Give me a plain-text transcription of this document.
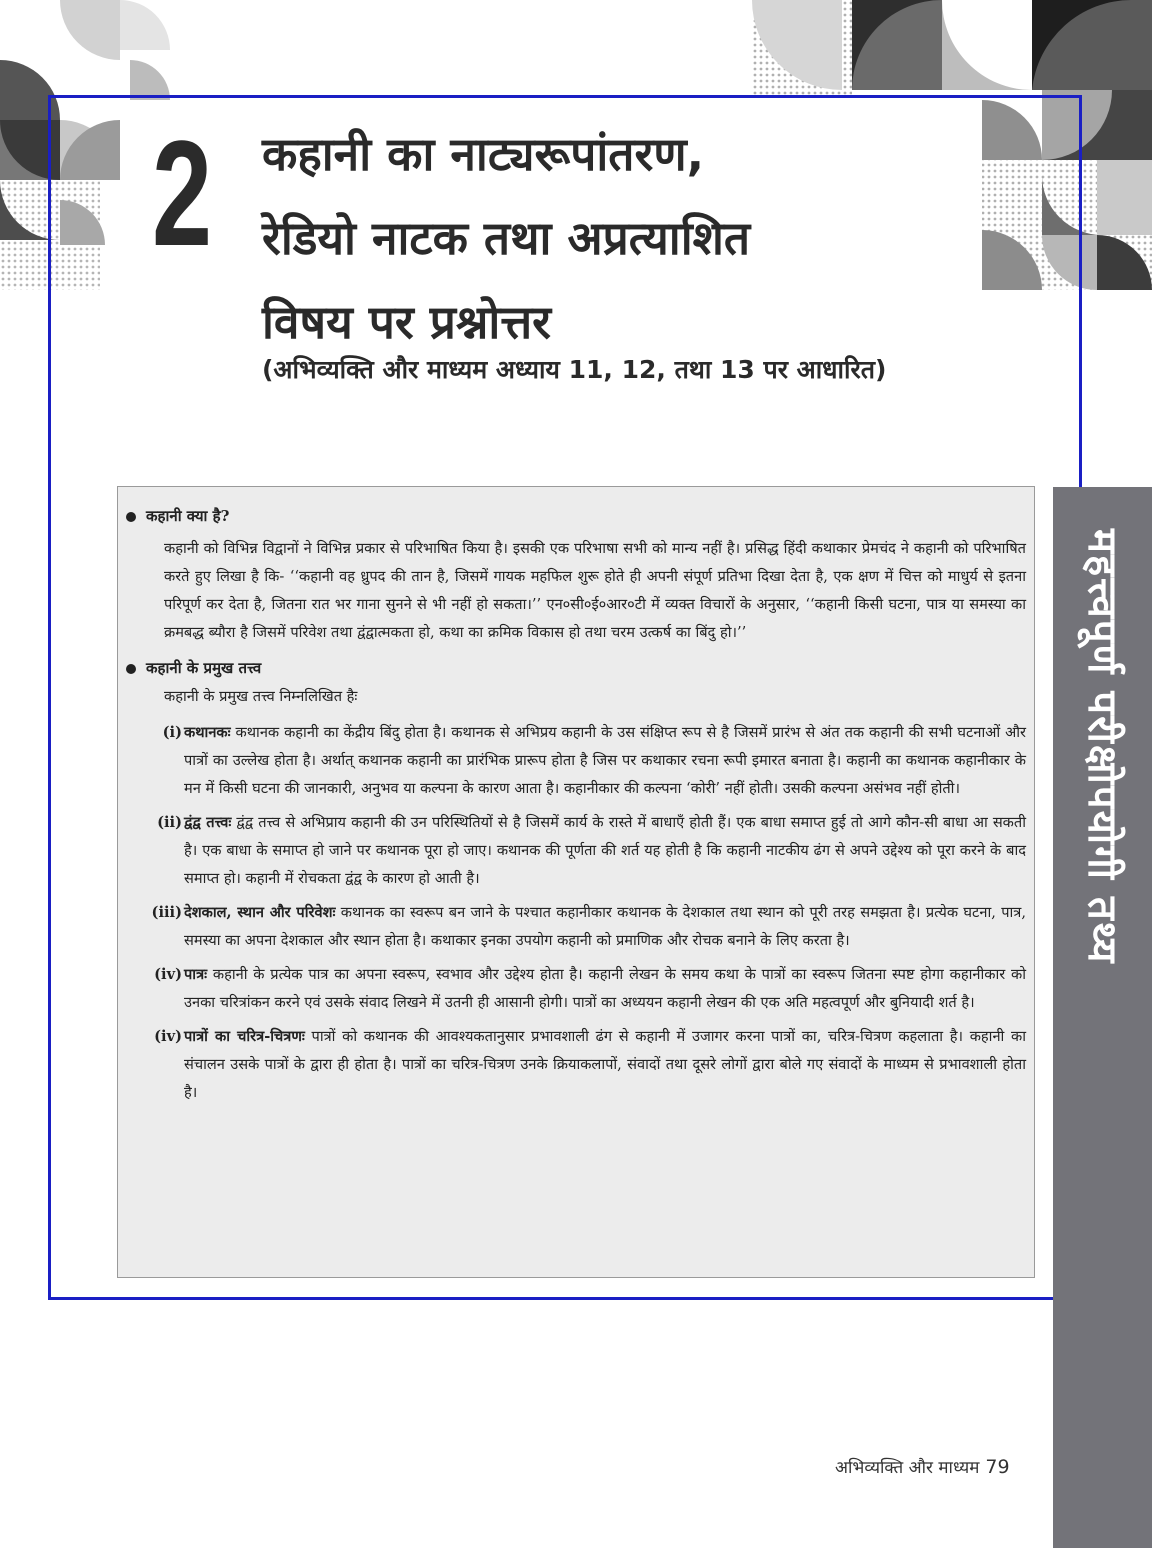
2 कहानी का नाट्यरूपांतरण,
रेडियो नाटक तथा अप्रत्याशित
विषय पर प्रश्नोत्तर

(अभिव्यक्ति और माध्यम अध्याय 11, 12, तथा 13 पर आधारित)

महत्त्वपूर्ण परीक्षोपयोगी तथ्य

कहानी क्या है?

कहानी को विभिन्न विद्वानों ने विभिन्न प्रकार से परिभाषित किया है। इसकी एक परिभाषा सभी को मान्य नहीं है। प्रसिद्ध हिंदी कथाकार प्रेमचंद ने कहानी को परिभाषित करते हुए लिखा है कि- ‘‘कहानी वह ध्रुपद की तान है, जिसमें गायक महफिल शुरू होते ही अपनी संपूर्ण प्रतिभा दिखा देता है, एक क्षण में चित्त को माधुर्य से इतना परिपूर्ण कर देता है, जितना रात भर गाना सुनने से भी नहीं हो सकता।’’ एन०सी०ई०आर०टी में व्यक्त विचारों के अनुसार, ‘‘कहानी किसी घटना, पात्र या समस्या का क्रमबद्ध ब्यौरा है जिसमें परिवेश तथा द्वंद्वात्मकता हो, कथा का क्रमिक विकास हो तथा चरम उत्कर्ष का बिंदु हो।’’

कहानी के प्रमुख तत्त्व

कहानी के प्रमुख तत्त्व निम्नलिखित हैः

(i) कथानकः कथानक कहानी का केंद्रीय बिंदु होता है। कथानक से अभिप्रय कहानी के उस संक्षिप्त रूप से है जिसमें प्रारंभ से अंत तक कहानी की सभी घटनाओं और पात्रों का उल्लेख होता है। अर्थात् कथानक कहानी का प्रारंभिक प्रारूप होता है जिस पर कथाकार रचना रूपी इमारत बनाता है। कहानी का कथानक कहानीकार के मन में किसी घटना की जानकारी, अनुभव या कल्पना के कारण आता है। कहानीकार की कल्पना ‘कोरी’ नहीं होती। उसकी कल्पना असंभव नहीं होती।
(ii) द्वंद्व तत्त्वः द्वंद्व तत्त्व से अभिप्राय कहानी की उन परिस्थितियों से है जिसमें कार्य के रास्ते में बाधाएँ होती हैं। एक बाधा समाप्त हुई तो आगे कौन-सी बाधा आ सकती है। एक बाधा के समाप्त हो जाने पर कथानक पूरा हो जाए। कथानक की पूर्णता की शर्त यह होती है कि कहानी नाटकीय ढंग से अपने उद्देश्य को पूरा करने के बाद समाप्त हो। कहानी में रोचकता द्वंद्व के कारण हो आती है।
(iii) देशकाल, स्थान और परिवेशः कथानक का स्वरूप बन जाने के पश्चात कहानीकार कथानक के देशकाल तथा स्थान को पूरी तरह समझता है। प्रत्येक घटना, पात्र, समस्या का अपना देशकाल और स्थान होता है। कथाकार इनका उपयोग कहानी को प्रमाणिक और रोचक बनाने के लिए करता है।
(iv) पात्रः कहानी के प्रत्येक पात्र का अपना स्वरूप, स्वभाव और उद्देश्य होता है। कहानी लेखन के समय कथा के पात्रों का स्वरूप जितना स्पष्ट होगा कहानीकार को उनका चरित्रांकन करने एवं उसके संवाद लिखने में उतनी ही आसानी होगी। पात्रों का अध्ययन कहानी लेखन की एक अति महत्वपूर्ण और बुनियादी शर्त है।
(iv) पात्रों का चरित्र-चित्रणः पात्रों को कथानक की आवश्यकतानुसार प्रभावशाली ढंग से कहानी में उजागर करना पात्रों का, चरित्र-चित्रण कहलाता है। कहानी का संचालन उसके पात्रों के द्वारा ही होता है। पात्रों का चरित्र-चित्रण उनके क्रियाकलापों, संवादों तथा दूसरे लोगों द्वारा बोले गए संवादों के माध्यम से प्रभावशाली होता है।
अभिव्यक्ति और माध्यम 79
